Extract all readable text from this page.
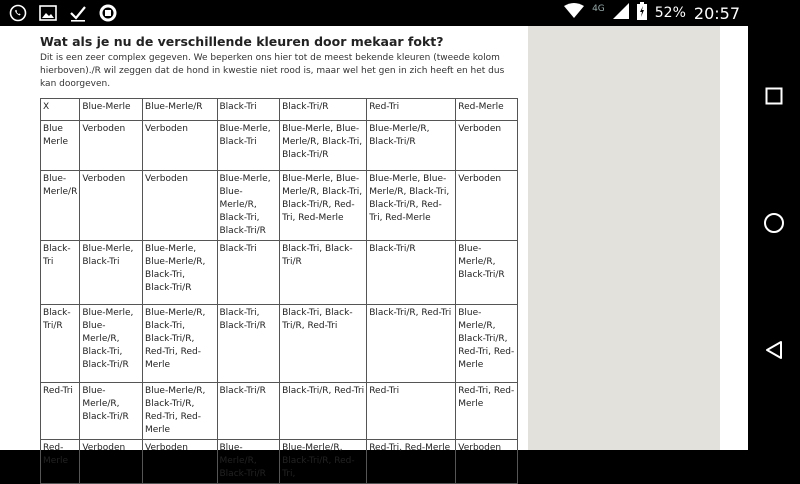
4G	52% 20:57
Wat als je nu de verschillende kleuren door mekaar fokt?
Dit is een zeer complex gegeven. We beperken ons hier tot de meest bekende kleuren (tweede kolom hierboven)./R wil zeggen dat de hond in kwestie niet rood is, maar wel het gen in zich heeft en het dus kan doorgeven.
X	Blue-Merle	Blue-Merle/R	Black-Tri	Black-Tri/R	Red-Tri	Red-Merle
Blue Merle	Verboden	Verboden	Blue-Merle, Black-Tri	Blue-Merle, Blue-Merle/R, Black-Tri, Black-Tri/R	Blue-Merle/R, Black-Tri/R	Verboden
Blue-Merle/R	Verboden	Verboden	Blue-Merle, Blue-Merle/R, Black-Tri, Black-Tri/R	Blue-Merle, Blue-Merle/R, Black-Tri, Black-Tri/R, Red-Tri, Red-Merle	Blue-Merle, Blue-Merle/R, Black-Tri, Black-Tri/R, Red-Tri, Red-Merle	Verboden
Black-Tri	Blue-Merle, Black-Tri	Blue-Merle, Blue-Merle/R, Black-Tri, Black-Tri/R	Black-Tri	Black-Tri, Black-Tri/R	Black-Tri/R	Blue-Merle/R, Black-Tri/R
Black-Tri/R	Blue-Merle, Blue-Merle/R, Black-Tri, Black-Tri/R	Blue-Merle/R, Black-Tri, Black-Tri/R, Red-Tri, Red-Merle	Black-Tri, Black-Tri/R	Black-Tri, Black-Tri/R, Red-Tri	Black-Tri/R, Red-Tri	Blue-Merle/R, Black-Tri/R, Red-Tri, Red-Merle
Red-Tri	Blue-Merle/R, Black-Tri/R	Blue-Merle/R, Black-Tri/R, Red-Tri, Red-Merle	Black-Tri/R	Black-Tri/R, Red-Tri	Red-Tri	Red-Tri, Red-Merle
Red-Merle	Verboden	Verboden	Blue-Merle/R, Black-Tri/R	Blue-Merle/R, Black-Tri/R, Red-Tri,	Red-Tri, Red-Merle	Verboden
